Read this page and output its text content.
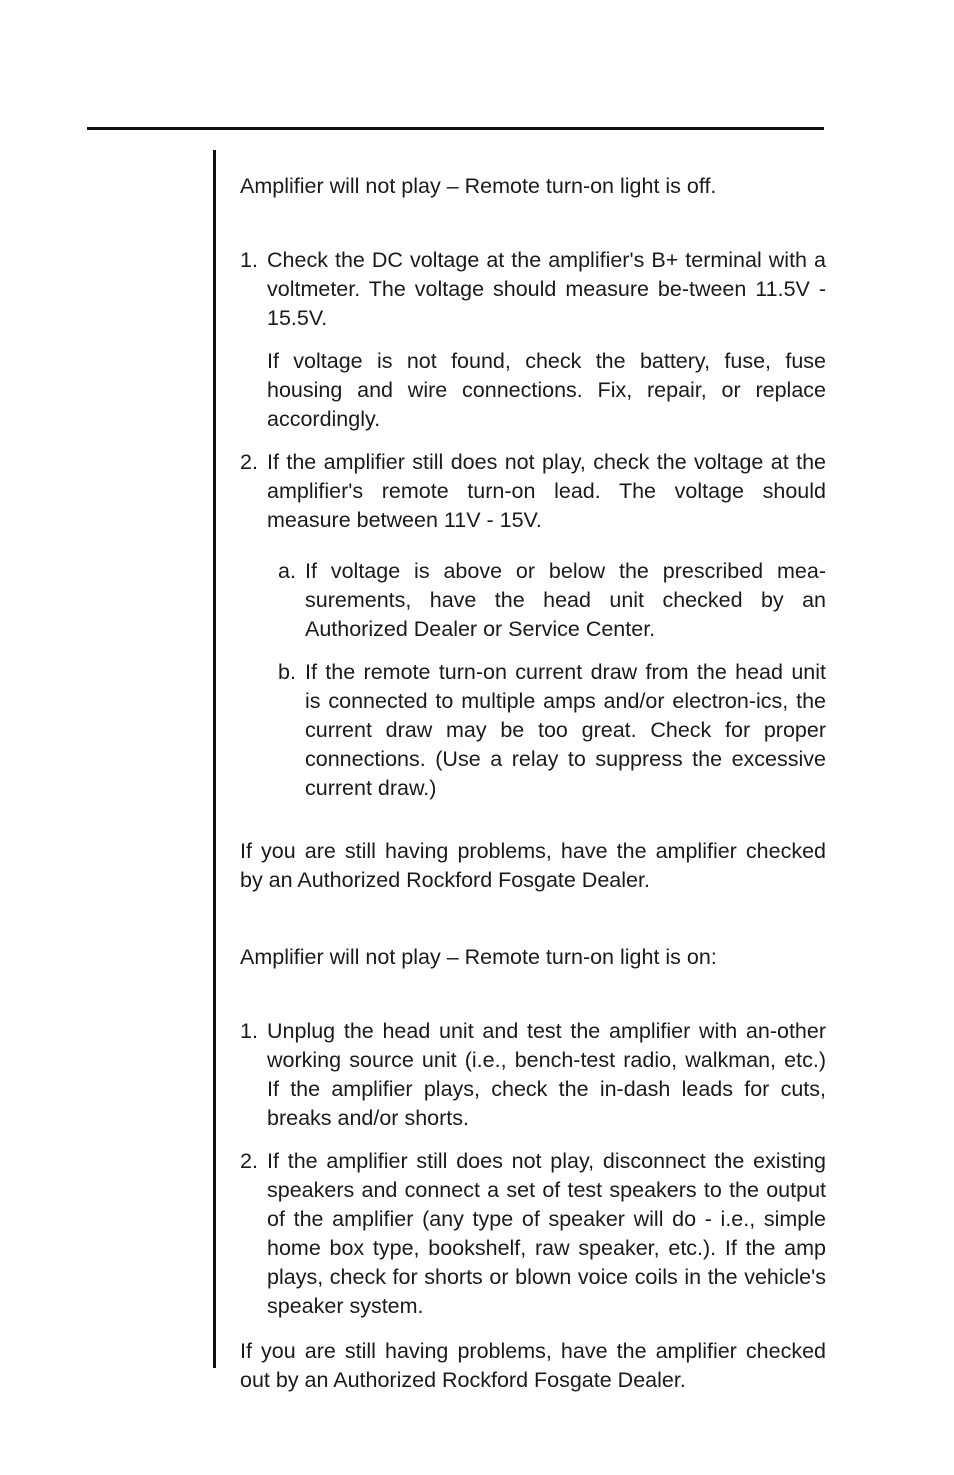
Amplifier will not play – Remote turn-on light is off.

1. Check the DC voltage at the amplifier's B+ terminal with a voltmeter. The voltage should measure be-tween 11.5V - 15.5V.

If voltage is not found, check the battery, fuse, fuse housing and wire connections. Fix, repair, or replace accordingly.

2. If the amplifier still does not play, check the voltage at the amplifier's remote turn-on lead. The voltage should measure between 11V - 15V.

a. If voltage is above or below the prescribed mea-surements, have the head unit checked by an Authorized Dealer or Service Center.

b. If the remote turn-on current draw from the head unit is connected to multiple amps and/or electron-ics, the current draw may be too great. Check for proper connections. (Use a relay to suppress the excessive current draw.)

If you are still having problems, have the amplifier checked by an Authorized Rockford Fosgate Dealer.

Amplifier will not play – Remote turn-on light is on:

1. Unplug the head unit and test the amplifier with an-other working source unit (i.e., bench-test radio, walkman, etc.) If the amplifier plays, check the in-dash leads for cuts, breaks and/or shorts.

2. If the amplifier still does not play, disconnect the existing speakers and connect a set of test speakers to the output of the amplifier (any type of speaker will do - i.e., simple home box type, bookshelf, raw speaker, etc.). If the amp plays, check for shorts or blown voice coils in the vehicle's speaker system.

If you are still having problems, have the amplifier checked out by an Authorized Rockford Fosgate Dealer.
